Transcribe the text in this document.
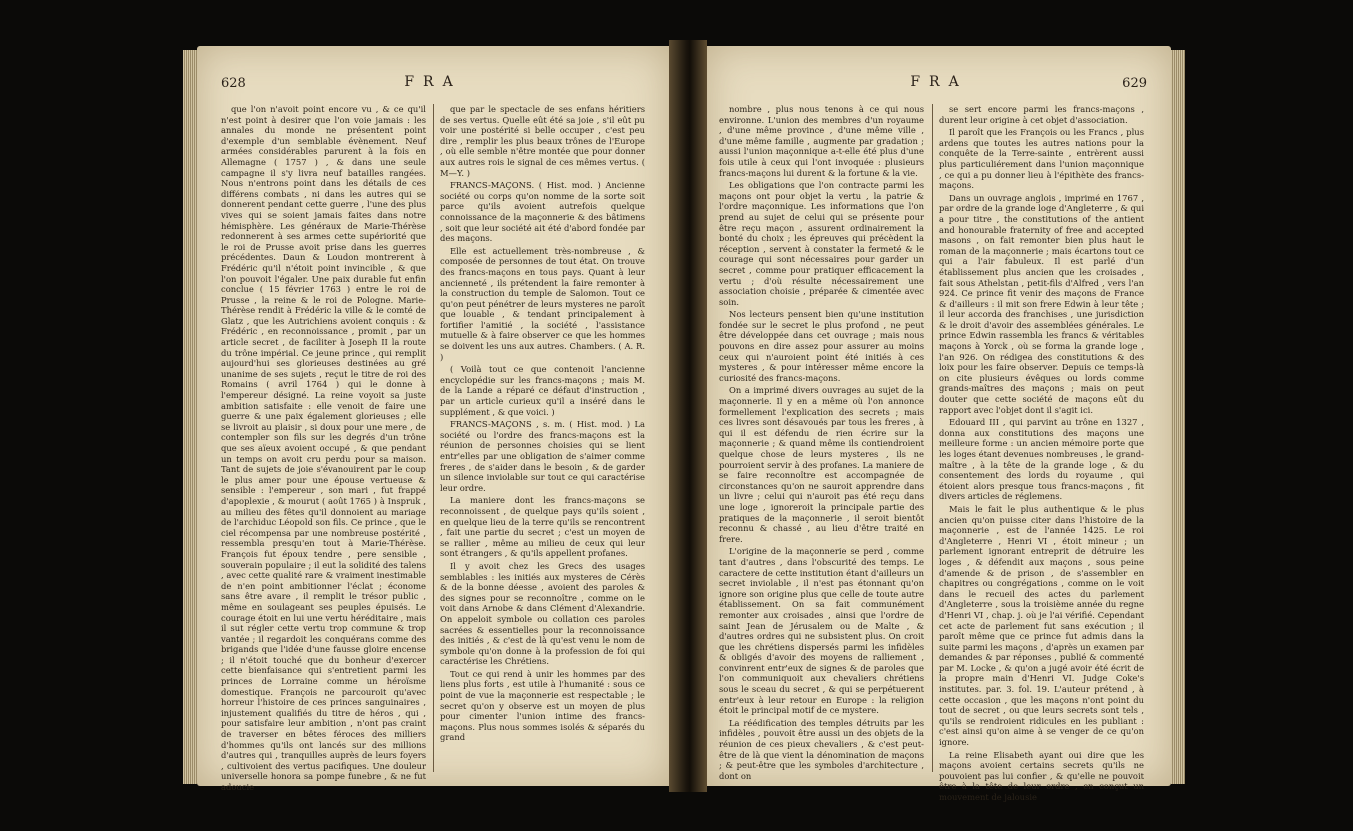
628	FRA

que l'on n'avoit point encore vu , & ce qu'il n'est point à desirer que l'on voie jamais : les annales du monde ne présentent point d'exemple d'un semblable évènement. Neuf armées considérables parurent à la fois en Allemagne ( 1757 ) , & dans une seule campagne il s'y livra neuf batailles rangées. Nous n'entrons point dans les détails de ces différens combats , ni dans les autres qui se donnerent pendant cette guerre , l'une des plus vives qui se soient jamais faites dans notre hémisphère. Les généraux de Marie-Thérèse redonnerent à ses armes cette supériorité que le roi de Prusse avoit prise dans les guerres précédentes. Daun & Loudon montrerent à Frédéric qu'il n'étoit point invincible , & que l'on pouvoit l'égaler. Une paix durable fut enfin conclue ( 15 février 1763 ) entre le roi de Prusse , la reine & le roi de Pologne. Marie-Thérèse rendit à Frédéric la ville & le comté de Glatz , que les Autrichiens avoient conquis : & Frédéric , en reconnoissance , promit , par un article secret , de faciliter à Joseph II la route du trône impérial. Ce jeune prince , qui remplit aujourd'hui ses glorieuses destinées au gré unanime de ses sujets , reçut le titre de roi des Romains ( avril 1764 ) qui le donne à l'empereur désigné. La reine voyoit sa juste ambition satisfaite : elle venoit de faire une guerre & une paix également glorieuses ; elle se livroit au plaisir , si doux pour une mere , de contempler son fils sur les degrés d'un trône que ses aïeux avoient occupé , & que pendant un temps on avoit cru perdu pour sa maison. Tant de sujets de joie s'évanouirent par le coup le plus amer pour une épouse vertueuse & sensible : l'empereur , son mari , fut frappé d'apoplexie , & mourut ( août 1765 ) à Inspruk , au milieu des fêtes qu'il donnoient au mariage de l'archiduc Léopold son fils. Ce prince , que le ciel récompensa par une nombreuse postérité , ressembla presqu'en tout à Marie-Thérèse. François fut époux tendre , pere sensible , souverain populaire ; il eut la solidité des talens , avec cette qualité rare & vraiment inestimable de n'en point ambitionner l'éclat ; économe sans être avare , il remplit le trésor public , même en soulageant ses peuples épuisés. Le courage étoit en lui une vertu héréditaire , mais il sut régler cette vertu trop commune & trop vantée ; il regardoit les conquérans comme des brigands que l'idée d'une fausse gloire encense ; il n'étoit touché que du bonheur d'exercer cette bienfaisance qui s'entretient parmi les princes de Lorraine comme un héroïsme domestique. François ne parcouroit qu'avec horreur l'histoire de ces princes sanguinaires , injustement qualifiés du titre de héros , qui , pour satisfaire leur ambition , n'ont pas craint de traverser en bêtes féroces des milliers d'hommes qu'ils ont lancés sur des millions d'autres qui , tranquilles auprès de leurs foyers , cultivoient des vertus pacifiques. Une douleur universelle honora sa pompe funebre , & ne fut adoucie

que par le spectacle de ses enfans héritiers de ses vertus. Quelle eût été sa joie , s'il eût pu voir une postérité si belle occuper , c'est peu dire , remplir les plus beaux trônes de l'Europe , où elle semble n'être montée que pour donner aux autres rois le signal de ces mêmes vertus. ( M—Y. )

FRANCS-MAÇONS. ( Hist. mod. ) Ancienne société ou corps qu'on nomme de la sorte soit parce qu'ils avoient autrefois quelque connoissance de la maçonnerie & des bâtimens , soit que leur société ait été d'abord fondée par des maçons.

Elle est actuellement très-nombreuse , & composée de personnes de tout état. On trouve des francs-maçons en tous pays. Quant à leur ancienneté , ils prétendent la faire remonter à la construction du temple de Salomon. Tout ce qu'on peut pénétrer de leurs mysteres ne paroît que louable , & tendant principalement à fortifier l'amitié , la société , l'assistance mutuelle & à faire observer ce que les hommes se doivent les uns aux autres. Chambers. ( A. R. )

( Voilà tout ce que contenoit l'ancienne encyclopédie sur les francs-maçons ; mais M. de la Lande a réparé ce défaut d'instruction , par un article curieux qu'il a inséré dans le supplément , & que voici. )

FRANCS-MAÇONS , s. m. ( Hist. mod. ) La société ou l'ordre des francs-maçons est la réunion de personnes choisies qui se lient entr'elles par une obligation de s'aimer comme freres , de s'aider dans le besoin , & de garder un silence inviolable sur tout ce qui caractérise leur ordre.

La maniere dont les francs-maçons se reconnoissent , de quelque pays qu'ils soient , en quelque lieu de la terre qu'ils se rencontrent , fait une partie du secret ; c'est un moyen de se rallier , même au milieu de ceux qui leur sont étrangers , & qu'ils appellent profanes.

Il y avoit chez les Grecs des usages semblables : les initiés aux mysteres de Cérès & de la bonne déesse , avoient des paroles & des signes pour se reconnoître , comme on le voit dans Arnobe & dans Clément d'Alexandrie. On appeloit symbole ou collation ces paroles sacrées & essentielles pour la reconnoissance des initiés , & c'est de là qu'est venu le nom de symbole qu'on donne à la profession de foi qui caractérise les Chrétiens.

Tout ce qui rend à unir les hommes par des liens plus forts , est utile à l'humanité : sous ce point de vue la maçonnerie est respectable ; le secret qu'on y observe est un moyen de plus pour cimenter l'union intime des francs-maçons. Plus nous sommes isolés & séparés du grand

FRA	629

nombre , plus nous tenons à ce qui nous environne. L'union des membres d'un royaume , d'une même province , d'une même ville , d'une même famille , augmente par gradation ; aussi l'union maçonnique a-t-elle été plus d'une fois utile à ceux qui l'ont invoquée : plusieurs francs-maçons lui durent & la fortune & la vie.

Les obligations que l'on contracte parmi les maçons ont pour objet la vertu , la patrie & l'ordre maçonnique. Les informations que l'on prend au sujet de celui qui se présente pour être reçu maçon , assurent ordinairement la bonté du choix ; les épreuves qui précèdent la réception , servent à constater la fermeté & le courage qui sont nécessaires pour garder un secret , comme pour pratiquer efficacement la vertu ; d'où résulte nécessairement une association choisie , préparée & cimentée avec soin.

Nos lecteurs pensent bien qu'une institution fondée sur le secret le plus profond , ne peut être développée dans cet ouvrage ; mais nous pouvons en dire assez pour assurer au moins ceux qui n'auroient point été initiés à ces mysteres , & pour intéresser même encore la curiosité des francs-maçons.

On a imprimé divers ouvrages au sujet de la maçonnerie. Il y en a même où l'on annonce formellement l'explication des secrets ; mais ces livres sont désavoués par tous les freres , à qui il est défendu de rien écrire sur la maçonnerie ; & quand même ils contiendroient quelque chose de leurs mysteres , ils ne pourroient servir à des profanes. La maniere de se faire reconnoître est accompagnée de circonstances qu'on ne sauroit apprendre dans un livre ; celui qui n'auroit pas été reçu dans une loge , ignoreroit la principale partie des pratiques de la maçonnerie , il seroit bientôt reconnu & chassé , au lieu d'être traité en frere.

L'origine de la maçonnerie se perd , comme tant d'autres , dans l'obscurité des temps. Le caractere de cette institution étant d'ailleurs un secret inviolable , il n'est pas étonnant qu'on ignore son origine plus que celle de toute autre établissement. On sa fait communément remonter aux croisades , ainsi que l'ordre de saint Jean de Jérusalem ou de Malte , & d'autres ordres qui ne subsistent plus. On croit que les chrétiens dispersés parmi les infidèles & obligés d'avoir des moyens de ralliement , convinrent entr'eux de signes & de paroles que l'on communiquoit aux chevaliers chrétiens sous le sceau du secret , & qui se perpétuerent entr'eux à leur retour en Europe : la religion étoit le principal motif de ce mystere.

La réédification des temples détruits par les infidèles , pouvoit être aussi un des objets de la réunion de ces pieux chevaliers , & c'est peut-être de là que vient la dénomination de maçons ; & peut-être que les symboles d'architecture , dont on

se sert encore parmi les francs-maçons , durent leur origine à cet objet d'association.

Il paroît que les François ou les Francs , plus ardens que toutes les autres nations pour la conquête de la Terre-sainte , entrèrent aussi plus particuliérement dans l'union maçonnique , ce qui a pu donner lieu à l'épithète des francs-maçons.

Dans un ouvrage anglois , imprimé en 1767 , par ordre de la grande loge d'Angleterre , & qui a pour titre , the constitutions of the antient and honourable fraternity of free and accepted masons , on fait remonter bien plus haut le roman de la maçonnerie ; mais écartons tout ce qui a l'air fabuleux. Il est parlé d'un établissement plus ancien que les croisades , fait sous Athelstan , petit-fils d'Alfred , vers l'an 924. Ce prince fit venir des maçons de France & d'ailleurs : il mit son frere Edwin à leur tête ; il leur accorda des franchises , une jurisdiction & le droit d'avoir des assemblées générales. Le prince Edwin rassembla les francs & véritables maçons à Yorck , où se forma la grande loge , l'an 926. On rédigea des constitutions & des loix pour les faire observer. Depuis ce temps-là on cite plusieurs évêques ou lords comme grands-maîtres des maçons ; mais on peut douter que cette société de maçons eût du rapport avec l'objet dont il s'agit ici.

Edouard III , qui parvint au trône en 1327 , donna aux constitutions des maçons une meilleure forme : un ancien mémoire porte que les loges étant devenues nombreuses , le grand-maître , à la tête de la grande loge , & du consentement des lords du royaume , qui étoient alors presque tous francs-maçons , fit divers articles de réglemens.

Mais le fait le plus authentique & le plus ancien qu'on puisse citer dans l'histoire de la maçonnerie , est de l'année 1425. Le roi d'Angleterre , Henri VI , étoit mineur ; un parlement ignorant entreprit de détruire les loges , & défendit aux maçons , sous peine d'amende & de prison , de s'assembler en chapitres ou congrégations , comme on le voit dans le recueil des actes du parlement d'Angleterre , sous la troisième année du regne d'Henri VI , chap. j. où je l'ai vérifié. Cependant cet acte de parlement fut sans exécution ; il paroît même que ce prince fut admis dans la suite parmi les maçons , d'après un examen par demandes & par réponses , publié & commenté par M. Locke , & qu'on a jugé avoir été écrit de la propre main d'Henri VI. Judge Coke's institutes. par. 3. fol. 19. L'auteur prétend , à cette occasion , que les maçons n'ont point du tout de secret , ou que leurs secrets sont tels , qu'ils se rendroient ridicules en les publiant : c'est ainsi qu'on aime à se venger de ce qu'on ignore.

La reine Elisabeth ayant oui dire que les maçons avoient certains secrets qu'ils ne pouvoient pas lui confier , & qu'elle ne pouvoit être à la tête de leur ordre , en conçut un mouvement de jalousie
